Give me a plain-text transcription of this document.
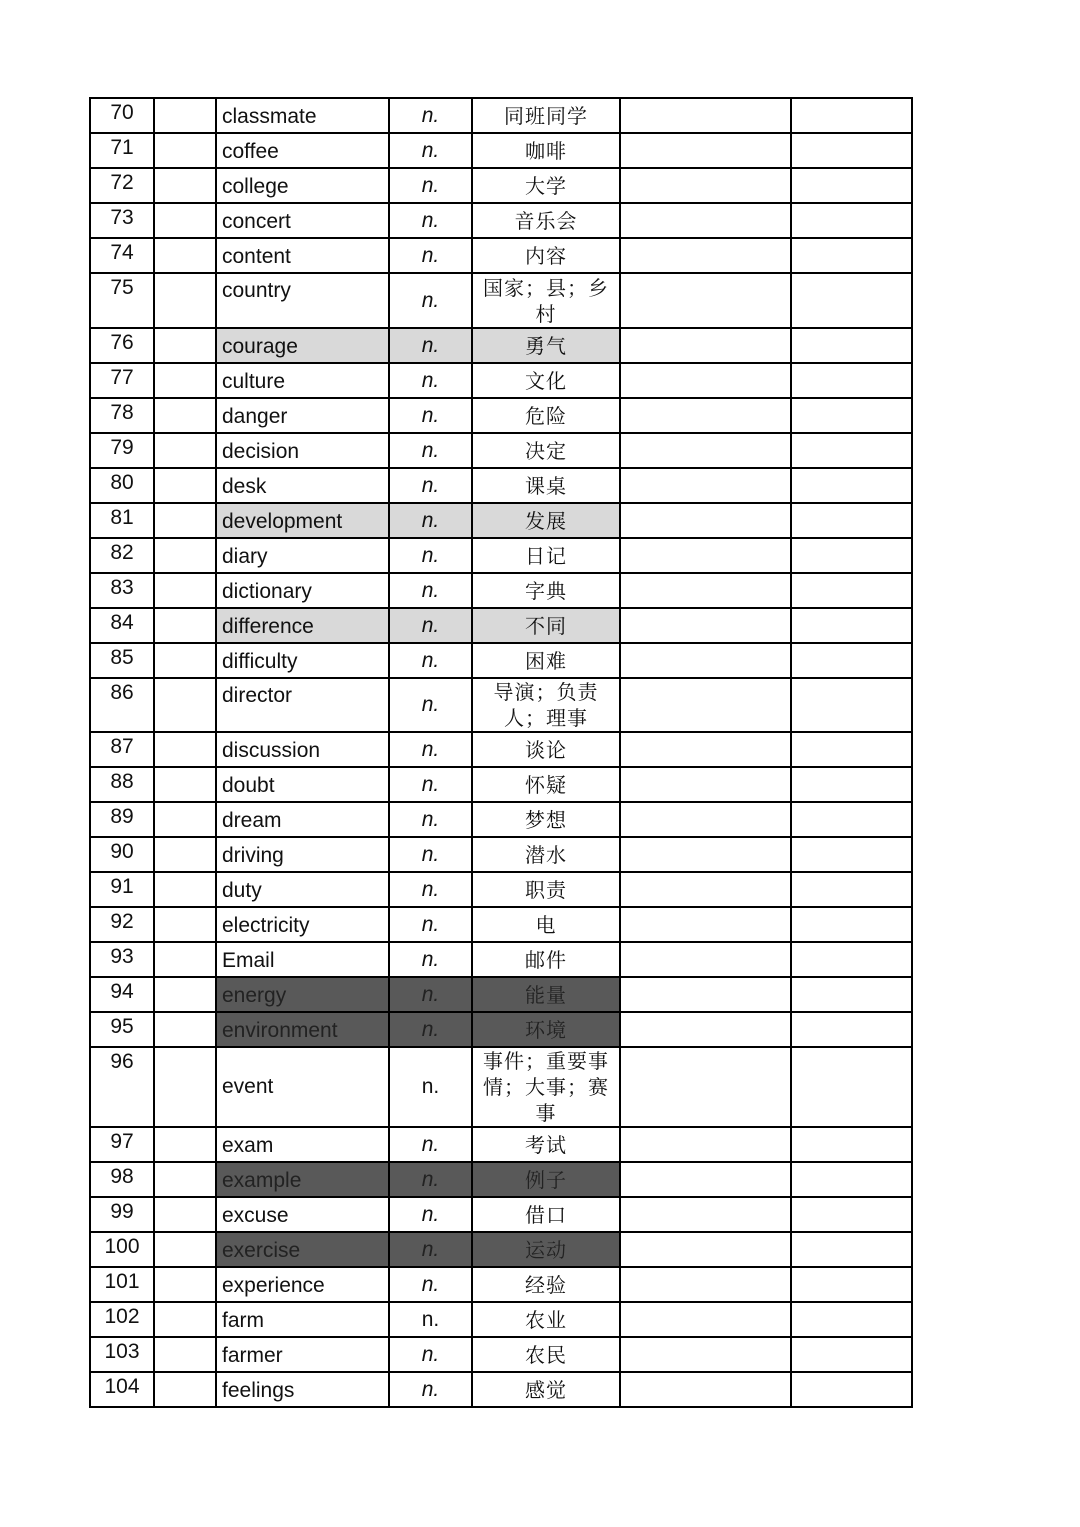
70		classmate	n.	同班同学		

71		coffee	n.	咖啡		

72		college	n.	大学		

73		concert	n.	音乐会		

74		content	n.	内容		

75		country	n.	国家；县；乡村		

76		courage	n.	勇气		

77		culture	n.	文化		

78		danger	n.	危险		

79		decision	n.	决定		

80		desk	n.	课桌		

81		development	n.	发展		

82		diary	n.	日记		

83		dictionary	n.	字典		

84		difference	n.	不同		

85		difficulty	n.	困难		

86		director	n.	导演；负责人；理事		

87		discussion	n.	谈论		

88		doubt	n.	怀疑		

89		dream	n.	梦想		

90		driving	n.	潜水		

91		duty	n.	职责		

92		electricity	n.	电		

93		Email	n.	邮件		

94		energy	n.	能量		

95		environment	n.	环境		

96		event	n.	事件；重要事情；大事；赛事		

97		exam	n.	考试		

98		example	n.	例子		

99		excuse	n.	借口		

100		exercise	n.	运动		

101		experience	n.	经验		

102		farm	n.	农业		

103		farmer	n.	农民		

104		feelings	n.	感觉		
